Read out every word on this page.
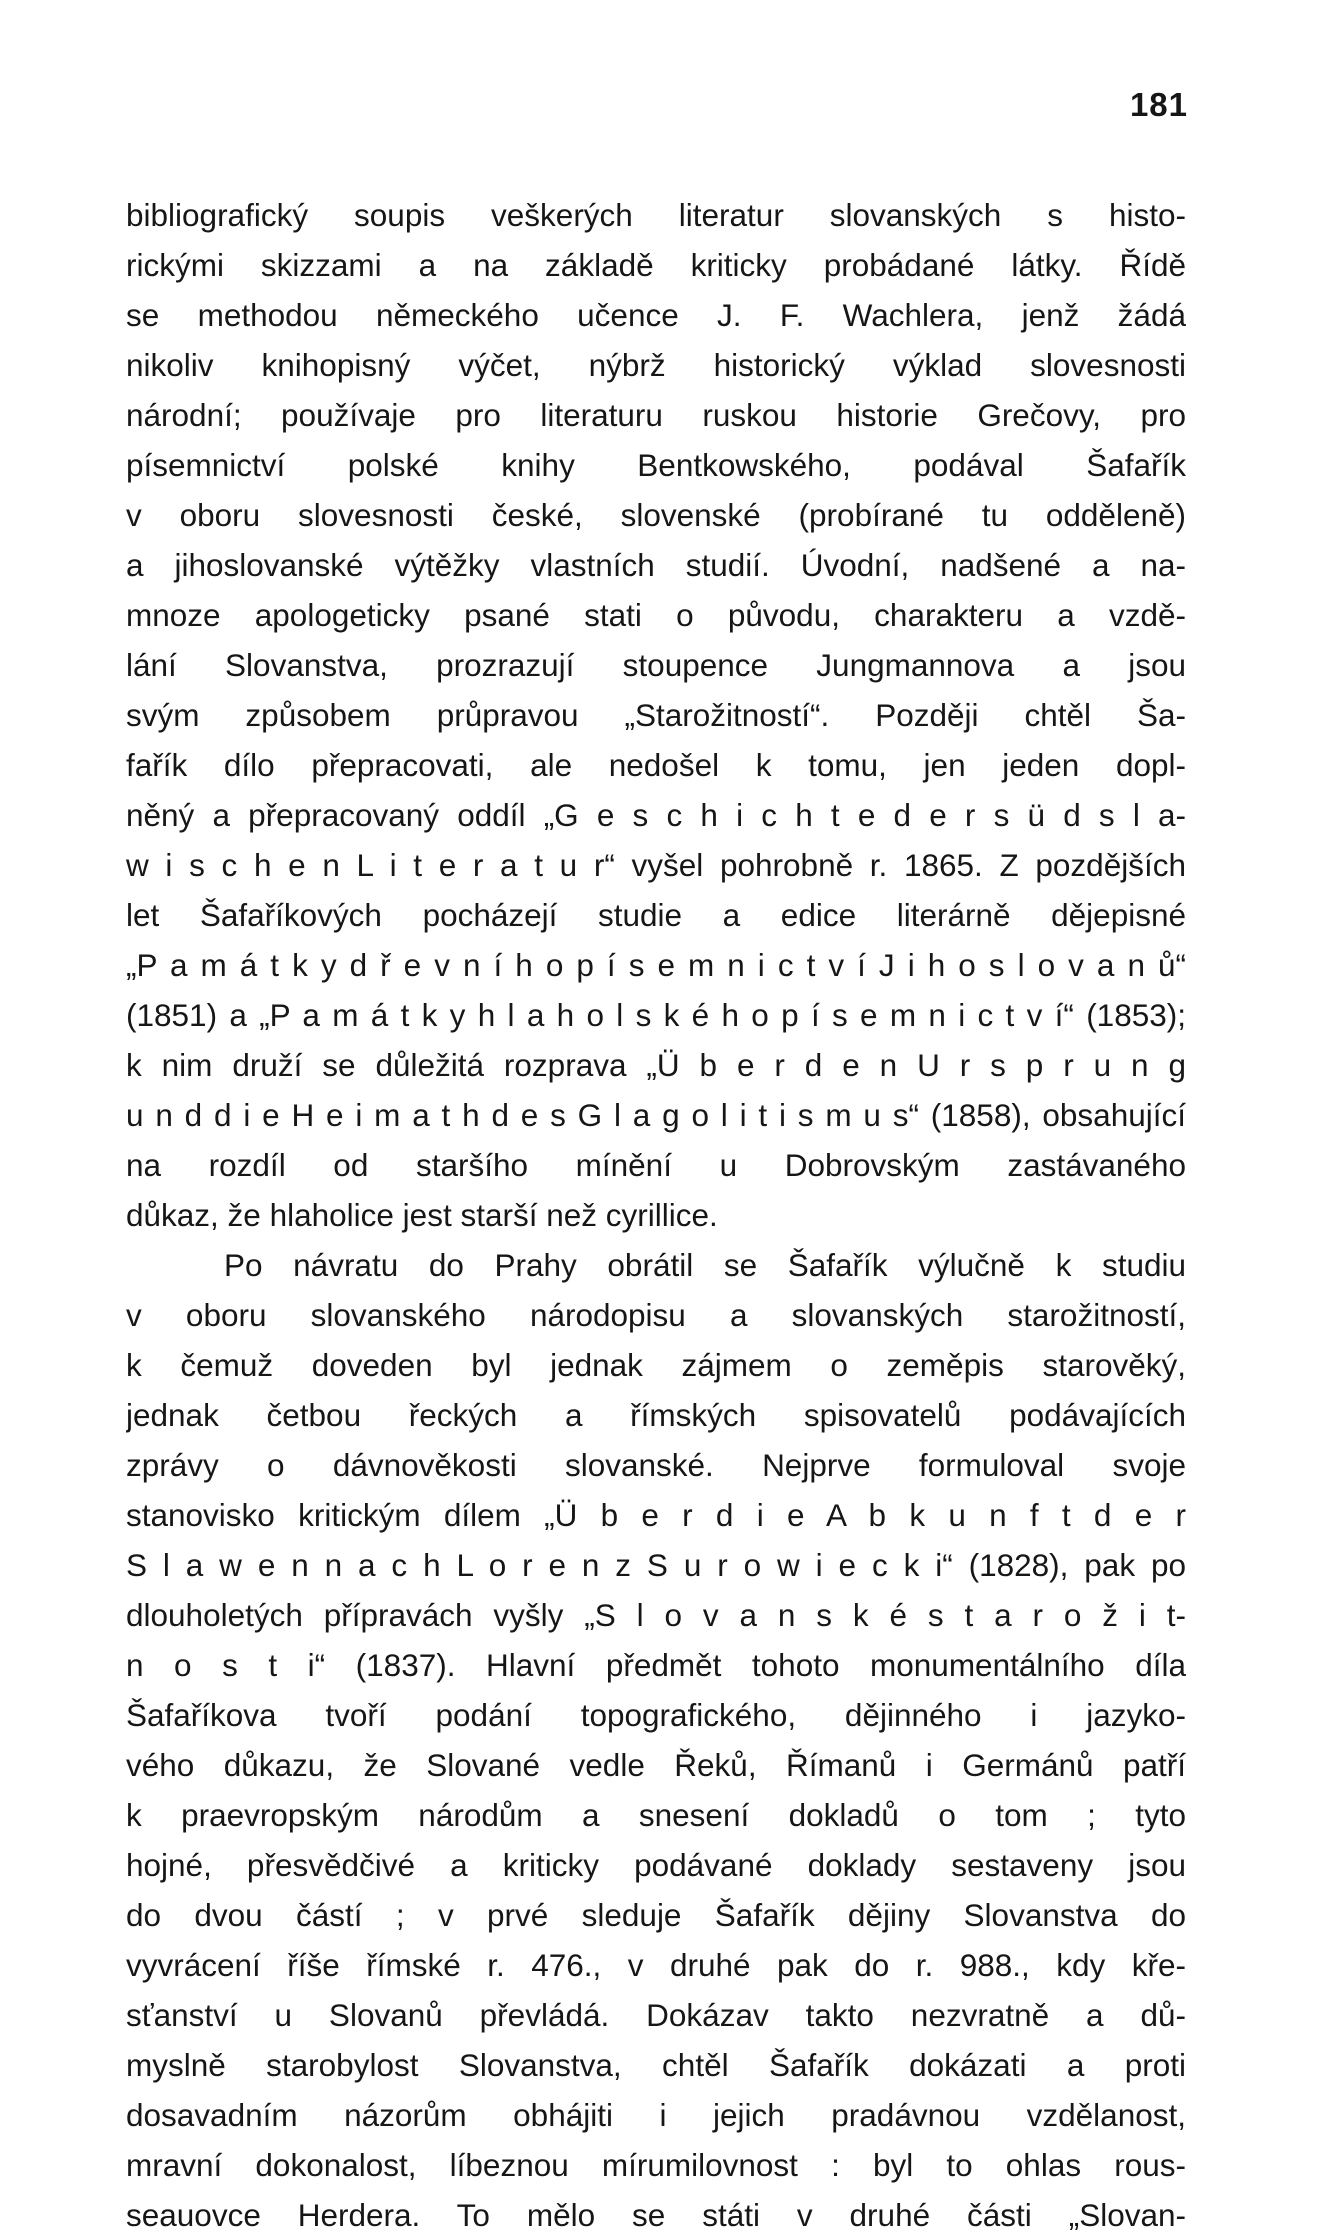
181
bibliografický soupis veškerých literatur slovanských s histo-
rickými skizzami a na základě kriticky probádané látky. Řídě
se methodou německého učence J. F. Wachlera, jenž žádá
nikoliv knihopisný výčet, nýbrž historický výklad slovesnosti
národní; používaje pro literaturu ruskou historie Grečovy, pro
písemnictví polské knihy Bentkowského, podával Šafařík
v oboru slovesnosti české, slovenské (probírané tu odděleně)
a jihoslovanské výtěžky vlastních studií. Úvodní, nadšené a na-
mnoze apologeticky psané stati o původu, charakteru a vzdě-
lání Slovanstva, prozrazují stoupence Jungmannova a jsou
svým způsobem průpravou „Starožitností“. Později chtěl Ša-
fařík dílo přepracovati, ale nedošel k tomu, jen jeden dopl-
něný a přepracovaný oddíl „G e s c h i c h t e d e r s ü d s l a-
w i s c h e n L i t e r a t u r“ vyšel pohrobně r. 1865. Z pozdějších
let Šafaříkových pocházejí studie a edice literárně dějepisné
„P a m á t k y d ř e v n í h o p í s e m n i c t v í J i h o s l o v a n ů“
(1851) a „P a m á t k y h l a h o l s k é h o p í s e m n i c t v í“ (1853);
k nim druží se důležitá rozprava „Ü b e r d e n U r s p r u n g
u n d d i e H e i m a t h d e s G l a g o l i t i s m u s“ (1858), obsahující
na rozdíl od staršího mínění u Dobrovským zastávaného
důkaz, že hlaholice jest starší než cyrillice.
Po návratu do Prahy obrátil se Šafařík výlučně k studiu
v oboru slovanského národopisu a slovanských starožitností,
k čemuž doveden byl jednak zájmem o zeměpis starověký,
jednak četbou řeckých a římských spisovatelů podávajících
zprávy o dávnověkosti slovanské. Nejprve formuloval svoje
stanovisko kritickým dílem „Ü b e r d i e A b k u n f t d e r
S l a w e n n a c h L o r e n z S u r o w i e c k i“ (1828), pak po
dlouholetých přípravách vyšly „S l o v a n s k é s t a r o ž i t-
n o s t i“ (1837). Hlavní předmět tohoto monumentálního díla
Šafaříkova tvoří podání topografického, dějinného i jazyko-
vého důkazu, že Slované vedle Řeků, Římanů i Germánů patří
k praevropským národům a snesení dokladů o tom ; tyto
hojné, přesvědčivé a kriticky podávané doklady sestaveny jsou
do dvou částí ; v prvé sleduje Šafařík dějiny Slovanstva do
vyvrácení říše římské r. 476., v druhé pak do r. 988., kdy kře-
sťanství u Slovanů převládá. Dokázav takto nezvratně a dů-
myslně starobylost Slovanstva, chtěl Šafařík dokázati a proti
dosavadním názorům obhájiti i jejich pradávnou vzdělanost,
mravní dokonalost, líbeznou mírumilovnost : byl to ohlas rous-
seauovce Herdera. To mělo se státi v druhé části „Slovan-
